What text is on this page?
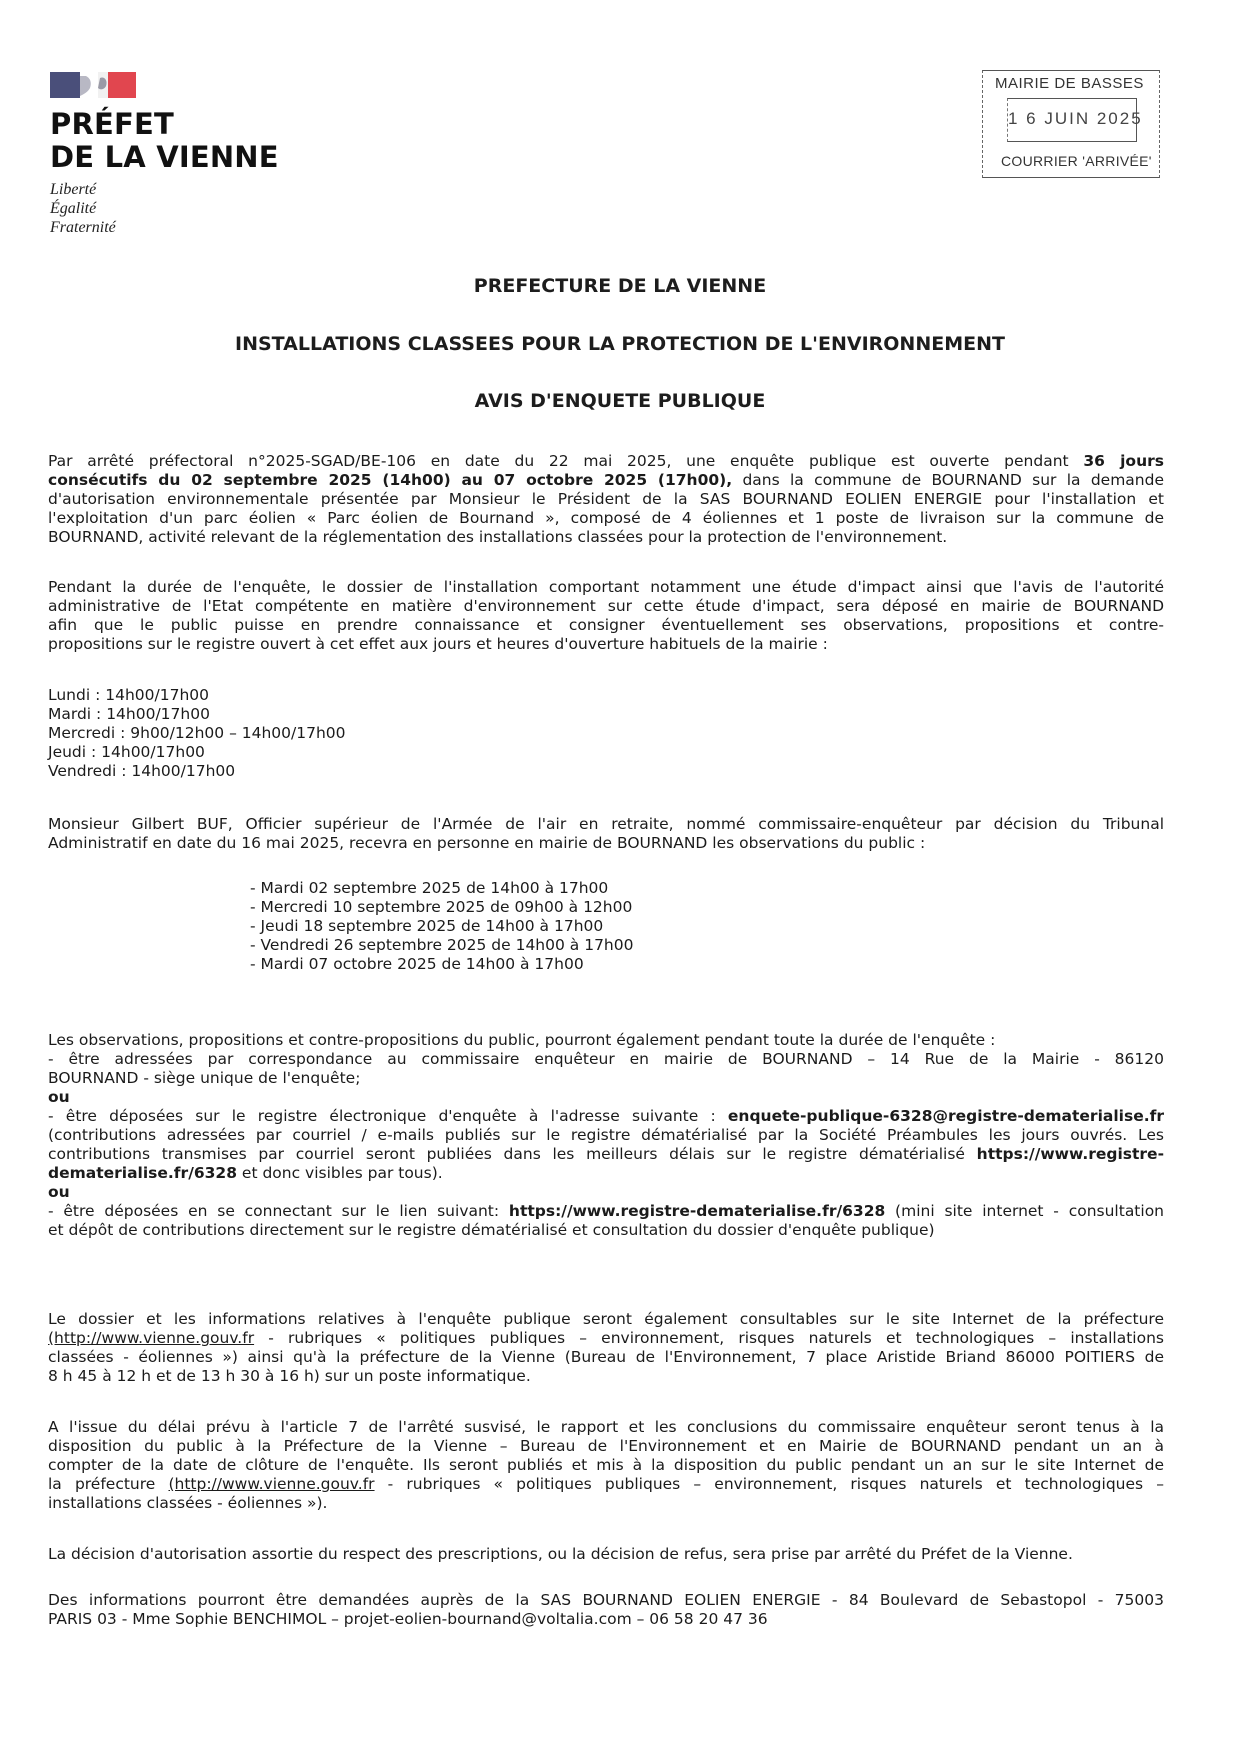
PRÉFET
DE LA VIENNE
Liberté
Égalité
Fraternité
MAIRIE DE BASSES
1 6 JUIN 2025
COURRIER 'ARRIVÉE'
PREFECTURE DE LA VIENNE
INSTALLATIONS CLASSEES POUR LA PROTECTION DE L'ENVIRONNEMENT
AVIS D'ENQUETE PUBLIQUE
Par arrêté préfectoral n°2025-SGAD/BE-106 en date du 22 mai 2025, une enquête publique est ouverte pendant 36 jours
consécutifs du 02 septembre 2025 (14h00) au 07 octobre 2025 (17h00), dans la commune de BOURNAND sur la demande
d'autorisation environnementale présentée par Monsieur le Président de la SAS BOURNAND EOLIEN ENERGIE pour l'installation et
l'exploitation d'un parc éolien « Parc éolien de Bournand », composé de 4 éoliennes et 1 poste de livraison sur la commune de
BOURNAND, activité relevant de la réglementation des installations classées pour la protection de l'environnement.
Pendant la durée de l'enquête, le dossier de l'installation comportant notamment une étude d'impact ainsi que l'avis de l'autorité
administrative de l'Etat compétente en matière d'environnement sur cette étude d'impact, sera déposé en mairie de BOURNAND
afin que le public puisse en prendre connaissance et consigner éventuellement ses observations, propositions et contre-
propositions sur le registre ouvert à cet effet aux jours et heures d'ouverture habituels de la mairie :
Lundi : 14h00/17h00
Mardi : 14h00/17h00
Mercredi : 9h00/12h00 – 14h00/17h00
Jeudi : 14h00/17h00
Vendredi : 14h00/17h00
Monsieur Gilbert BUF, Officier supérieur de l'Armée de l'air en retraite, nommé commissaire-enquêteur par décision du Tribunal
Administratif en date du 16 mai 2025, recevra en personne en mairie de BOURNAND les observations du public :
- Mardi 02 septembre 2025 de 14h00 à 17h00
- Mercredi 10 septembre 2025 de 09h00 à 12h00
- Jeudi 18 septembre 2025 de 14h00 à 17h00
- Vendredi 26 septembre 2025 de 14h00 à 17h00
- Mardi 07 octobre 2025 de 14h00 à 17h00
Les observations, propositions et contre-propositions du public, pourront également pendant toute la durée de l'enquête :
- être adressées par correspondance au commissaire enquêteur en mairie de BOURNAND – 14 Rue de la Mairie - 86120
BOURNAND - siège unique de l'enquête;
ou
- être déposées sur le registre électronique d'enquête à l'adresse suivante : enquete-publique-6328@registre-dematerialise.fr
(contributions adressées par courriel / e-mails publiés sur le registre dématérialisé par la Société Préambules les jours ouvrés. Les
contributions transmises par courriel seront publiées dans les meilleurs délais sur le registre dématérialisé https://www.registre-
dematerialise.fr/6328 et donc visibles par tous).
ou
- être déposées en se connectant sur le lien suivant: https://www.registre-dematerialise.fr/6328 (mini site internet - consultation
et dépôt de contributions directement sur le registre dématérialisé et consultation du dossier d'enquête publique)
Le dossier et les informations relatives à l'enquête publique seront également consultables sur le site Internet de la préfecture
(http://www.vienne.gouv.fr - rubriques « politiques publiques – environnement, risques naturels et technologiques – installations
classées - éoliennes ») ainsi qu'à la préfecture de la Vienne (Bureau de l'Environnement, 7 place Aristide Briand 86000 POITIERS de
8 h 45 à 12 h et de 13 h 30 à 16 h) sur un poste informatique.
A l'issue du délai prévu à l'article 7 de l'arrêté susvisé, le rapport et les conclusions du commissaire enquêteur seront tenus à la
disposition du public à la Préfecture de la Vienne – Bureau de l'Environnement et en Mairie de BOURNAND pendant un an à
compter de la date de clôture de l'enquête. Ils seront publiés et mis à la disposition du public pendant un an sur le site Internet de
la préfecture (http://www.vienne.gouv.fr - rubriques « politiques publiques – environnement, risques naturels et technologiques –
installations classées - éoliennes »).
La décision d'autorisation assortie du respect des prescriptions, ou la décision de refus, sera prise par arrêté du Préfet de la Vienne.
Des informations pourront être demandées auprès de la SAS BOURNAND EOLIEN ENERGIE - 84 Boulevard de Sebastopol - 75003
PARIS 03 - Mme Sophie BENCHIMOL – projet-eolien-bournand@voltalia.com – 06 58 20 47 36
